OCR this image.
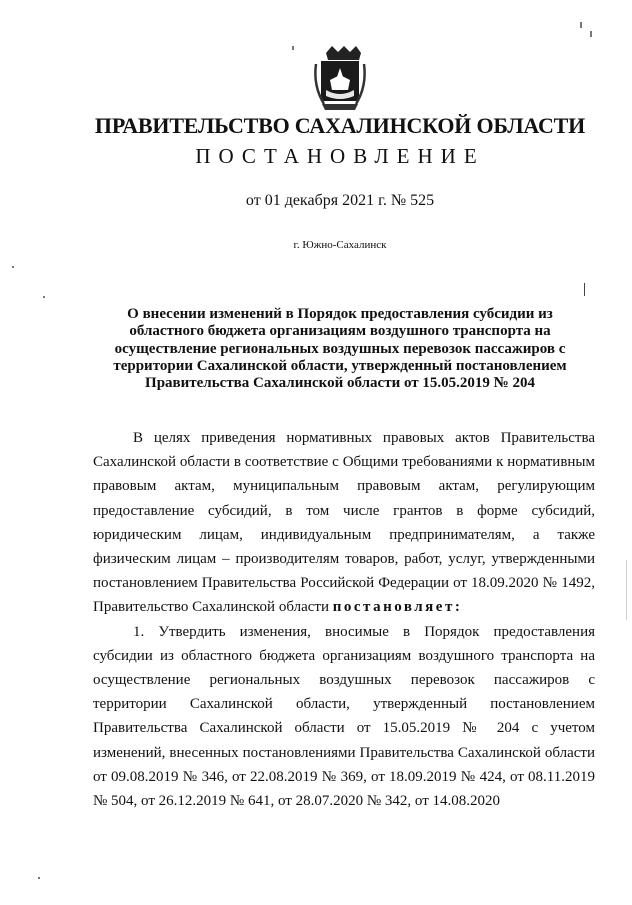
ПРАВИТЕЛЬСТВО САХАЛИНСКОЙ ОБЛАСТИ
ПОСТАНОВЛЕНИЕ
от 01 декабря 2021 г. № 525
г. Южно-Сахалинск
О внесении изменений в Порядок предоставления субсидии из
областного бюджета организациям воздушного транспорта на
осуществление региональных воздушных перевозок пассажиров с
территории Сахалинской области, утвержденный постановлением
Правительства Сахалинской области от 15.05.2019 № 204

В целях приведения нормативных правовых актов Правительства Сахалинской области в соответствие с Общими требованиями к нормативным правовым актам, муниципальным правовым актам, регулирующим предоставление субсидий, в том числе грантов в форме субсидий, юридическим лицам, индивидуальным предпринимателям, а также физическим лицам – производителям товаров, работ, услуг, утвержденными постановлением Правительства Российской Федерации от 18.09.2020 № 1492, Правительство Сахалинской области постановляет:

1. Утвердить изменения, вносимые в Порядок предоставления субсидии из областного бюджета организациям воздушного транспорта на осуществление региональных воздушных перевозок пассажиров с территории Сахалинской области, утвержденный постановлением Правительства Сахалинской области от 15.05.2019 № 204 с учетом изменений, внесенных постановлениями Правительства Сахалинской области от 09.08.2019 № 346, от 22.08.2019 № 369, от 18.09.2019 № 424, от 08.11.2019 № 504, от 26.12.2019 № 641, от 28.07.2020 № 342, от 14.08.2020
